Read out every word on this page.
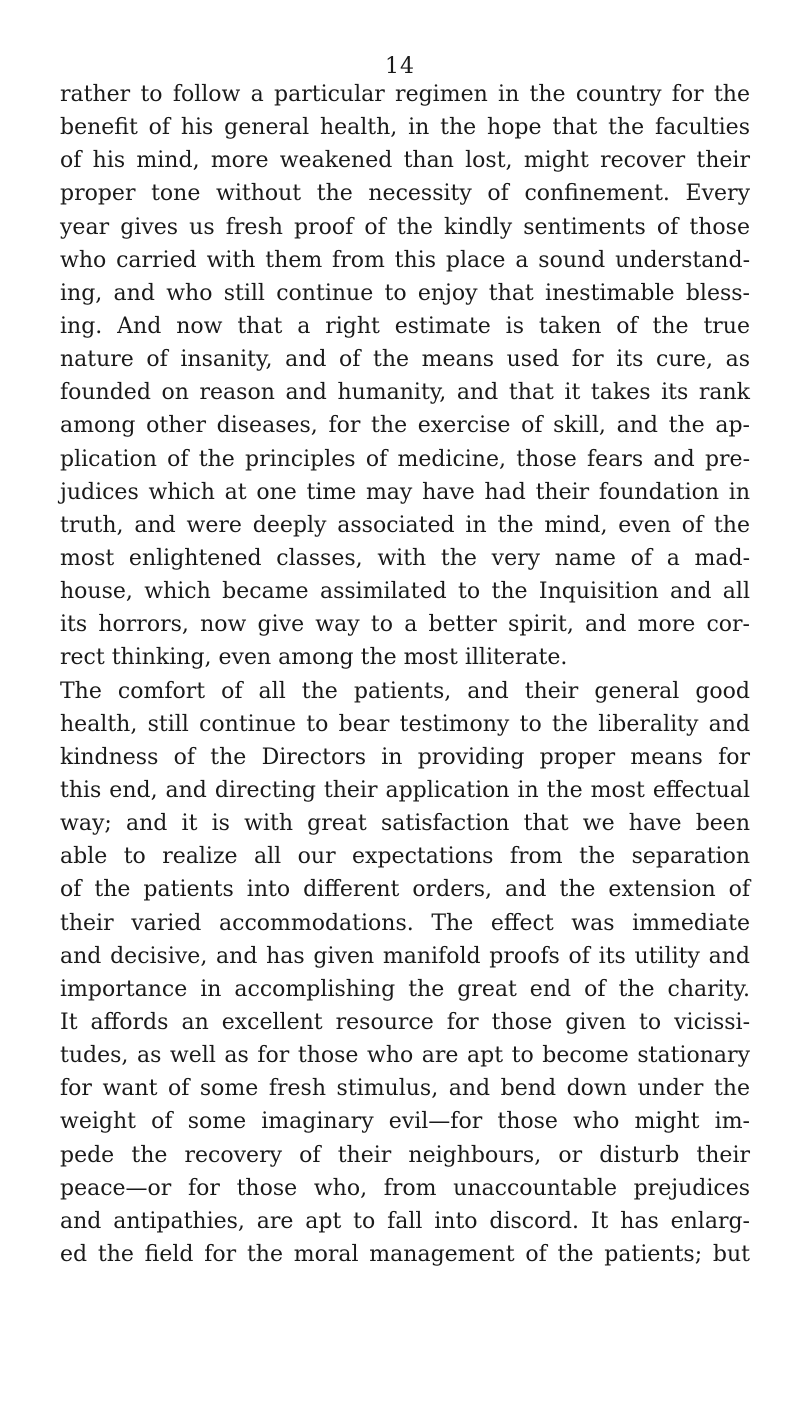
14
rather to follow a particular regimen in the country for the
benefit of his general health, in the hope that the faculties
of his mind, more weakened than lost, might recover their
proper tone without the necessity of confinement. Every
year gives us fresh proof of the kindly sentiments of those
who carried with them from this place a sound understand-
ing, and who still continue to enjoy that inestimable bless-
ing. And now that a right estimate is taken of the true
nature of insanity, and of the means used for its cure, as
founded on reason and humanity, and that it takes its rank
among other diseases, for the exercise of skill, and the ap-
plication of the principles of medicine, those fears and pre-
judices which at one time may have had their foundation in
truth, and were deeply associated in the mind, even of the
most enlightened classes, with the very name of a mad-
house, which became assimilated to the Inquisition and all
its horrors, now give way to a better spirit, and more cor-
rect thinking, even among the most illiterate.
The comfort of all the patients, and their general good
health, still continue to bear testimony to the liberality and
kindness of the Directors in providing proper means for
this end, and directing their application in the most effectual
way; and it is with great satisfaction that we have been
able to realize all our expectations from the separation
of the patients into different orders, and the extension of
their varied accommodations. The effect was immediate
and decisive, and has given manifold proofs of its utility and
importance in accomplishing the great end of the charity.
It affords an excellent resource for those given to vicissi-
tudes, as well as for those who are apt to become stationary
for want of some fresh stimulus, and bend down under the
weight of some imaginary evil—for those who might im-
pede the recovery of their neighbours, or disturb their
peace—or for those who, from unaccountable prejudices
and antipathies, are apt to fall into discord. It has enlarg-
ed the field for the moral management of the patients; but
